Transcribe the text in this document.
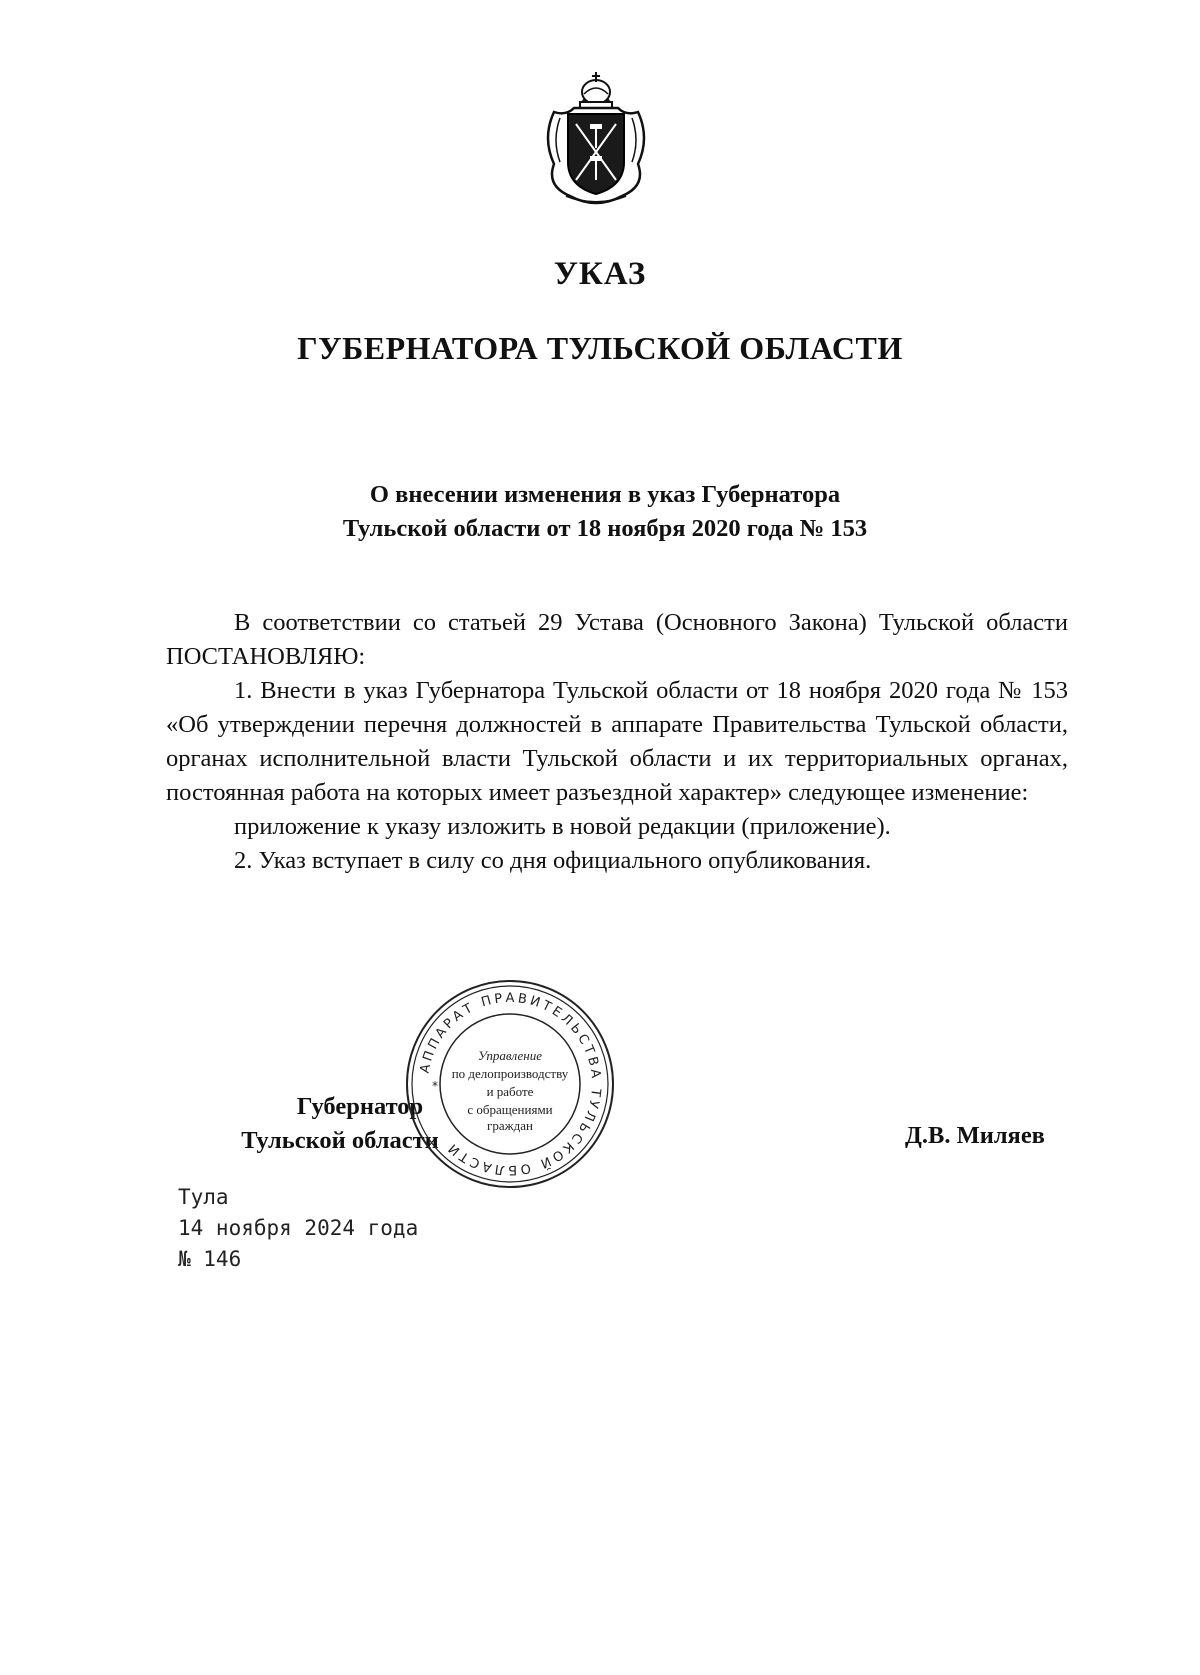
УКАЗ
ГУБЕРНАТОРА ТУЛЬСКОЙ ОБЛАСТИ
О внесении изменения в указ Губернатора
Тульской области от 18 ноября 2020 года № 153

В соответствии со статьей 29 Устава (Основного Закона) Тульской области ПОСТАНОВЛЯЮ:

1. Внести в указ Губернатора Тульской области от 18 ноября 2020 года № 153 «Об утверждении перечня должностей в аппарате Правительства Тульской области, органах исполнительной власти Тульской области и их территориальных органах, постоянная работа на которых имеет разъездной характер» следующее изменение:

приложение к указу изложить в новой редакции (приложение).

2. Указ вступает в силу со дня официального опубликования.

Губернатор
Тульской области
АППАРАТ ПРАВИТЕЛЬСТВА ТУЛЬСКОЙ ОБЛАСТИ
Управление
по делопроизводству
и работе
с обращениями
граждан
*
Д.В. Миляев
Тула
14 ноября 2024 года
№ 146
